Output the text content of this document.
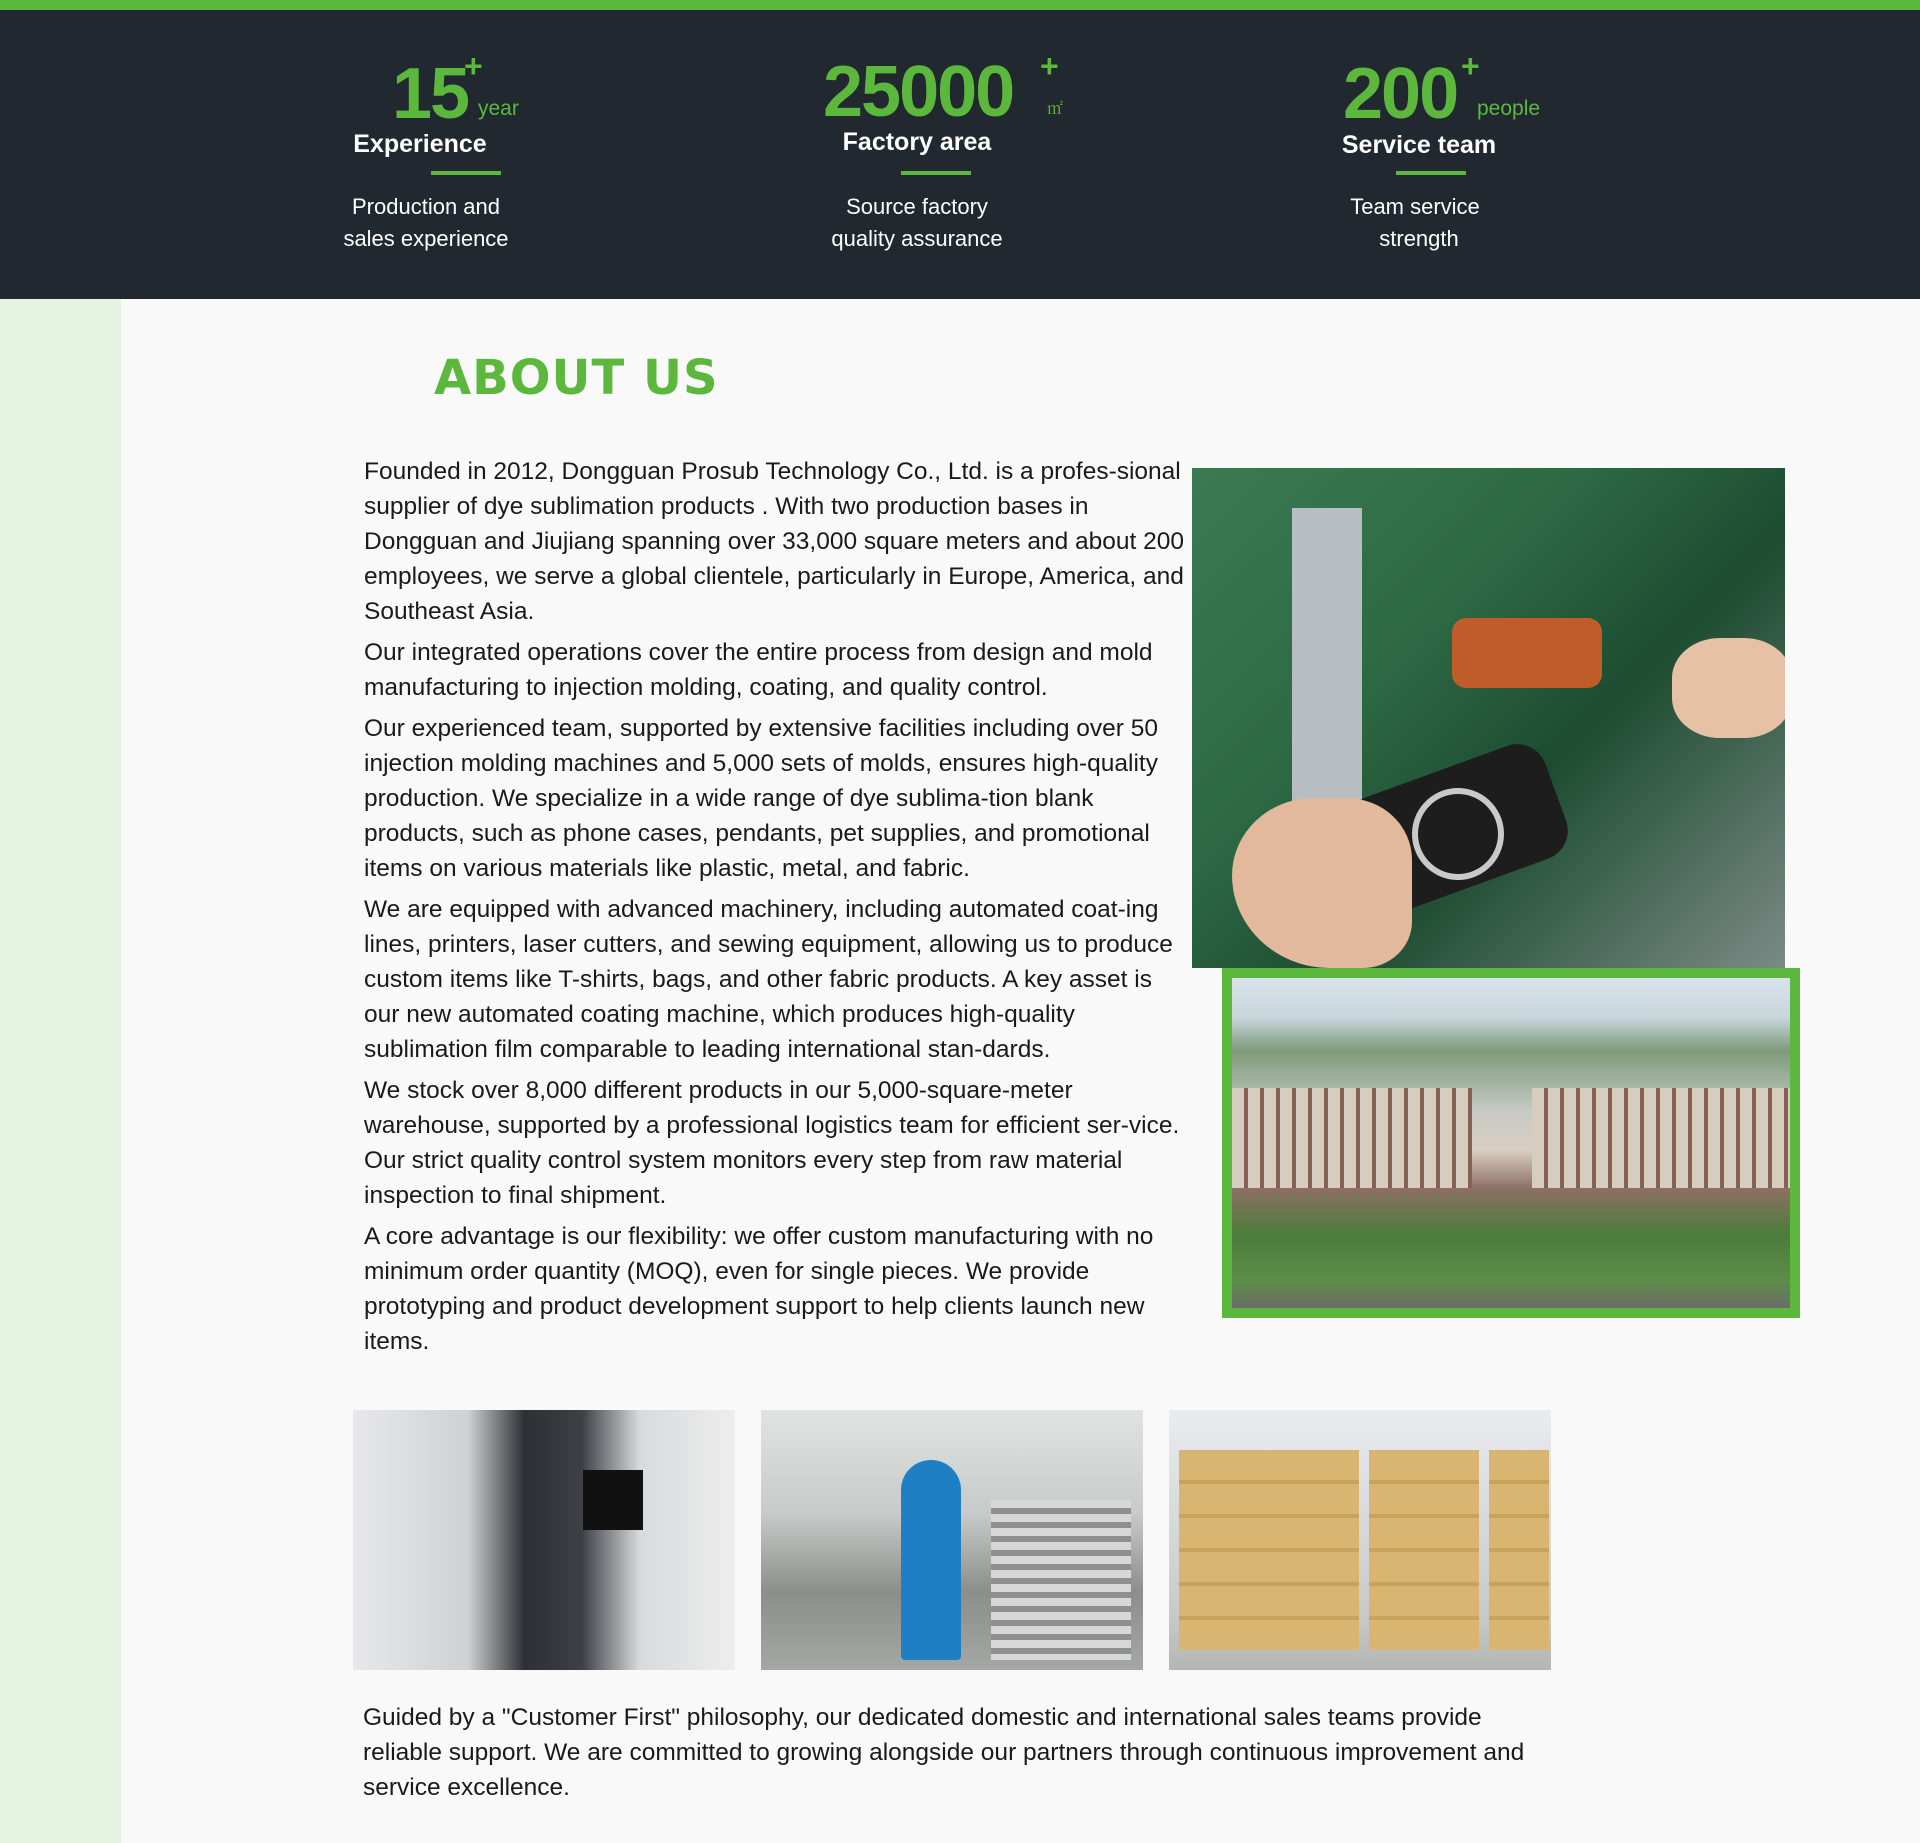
15
+
year
Experience
Production and
sales experience
25000 +
㎡
Factory area
Source factory
quality assurance
200 +
people
Service team
Team service
strength
ABOUT US

Founded in 2012, Dongguan Prosub Technology Co., Ltd. is a profes-sional supplier of dye sublimation products . With two production bases in Dongguan and Jiujiang spanning over 33,000 square meters and about 200 employees, we serve a global clientele, particularly in Europe, America, and Southeast Asia.

Our integrated operations cover the entire process from design and mold manufacturing to injection molding, coating, and quality control.

Our experienced team, supported by extensive facilities including over 50 injection molding machines and 5,000 sets of molds, ensures high-quality production. We specialize in a wide range of dye sublima-tion blank products, such as phone cases, pendants, pet supplies, and promotional items on various materials like plastic, metal, and fabric.

We are equipped with advanced machinery, including automated coat-ing lines, printers, laser cutters, and sewing equipment, allowing us to produce custom items like T-shirts, bags, and other fabric products. A key asset is our new automated coating machine, which produces high-quality sublimation film comparable to leading international stan-dards.

We stock over 8,000 different products in our 5,000-square-meter warehouse, supported by a professional logistics team for efficient ser-vice. Our strict quality control system monitors every step from raw material inspection to final shipment.

A core advantage is our flexibility: we offer custom manufacturing with no minimum order quantity (MOQ), even for single pieces. We provide prototyping and product development support to help clients launch new items.

Guided by a "Customer First" philosophy, our dedicated domestic and international sales teams provide reliable support. We are committed to growing alongside our partners through continuous improvement and service excellence.
